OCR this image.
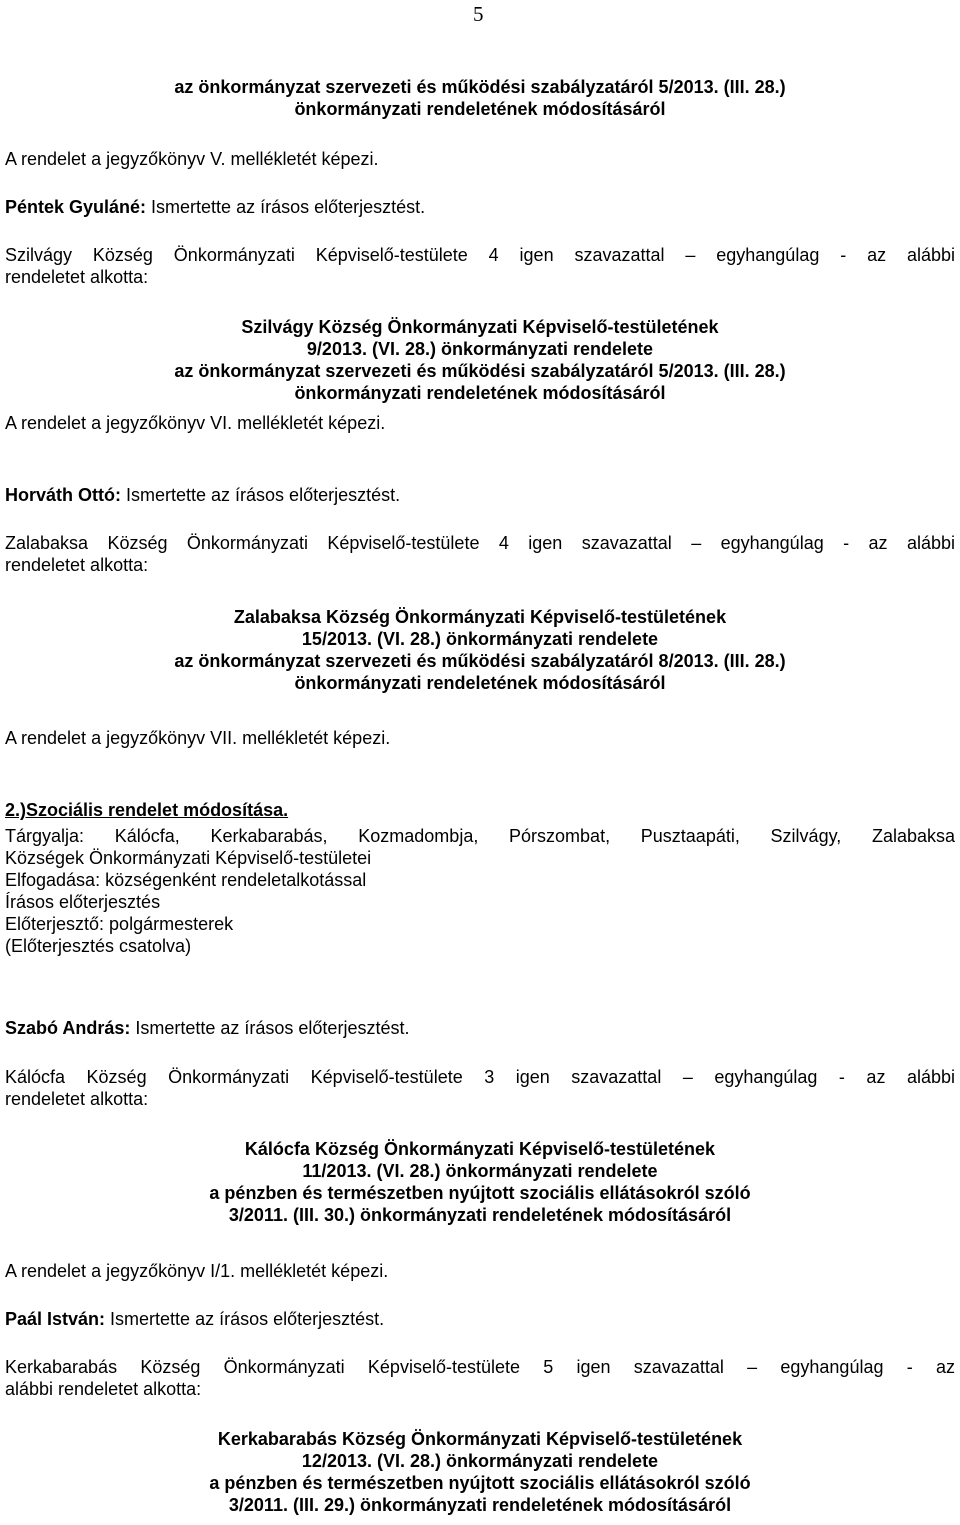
5

az önkormányzat szervezeti és működési szabályzatáról 5/2013. (III. 28.)

önkormányzati rendeletének módosításáról

A rendelet a jegyzőkönyv V. mellékletét képezi.

Péntek Gyuláné: Ismertette az írásos előterjesztést.

Szilvágy Község Önkormányzati Képviselő-testülete 4 igen szavazattal – egyhangúlag - az alábbi

rendeletet alkotta:

Szilvágy Község Önkormányzati Képviselő-testületének

9/2013. (VI. 28.) önkormányzati rendelete

az önkormányzat szervezeti és működési szabályzatáról 5/2013. (III. 28.)

önkormányzati rendeletének módosításáról

A rendelet a jegyzőkönyv VI. mellékletét képezi.

Horváth Ottó: Ismertette az írásos előterjesztést.

Zalabaksa Község Önkormányzati Képviselő-testülete 4 igen szavazattal – egyhangúlag - az alábbi

rendeletet alkotta:

Zalabaksa Község Önkormányzati Képviselő-testületének

15/2013. (VI. 28.) önkormányzati rendelete

az önkormányzat szervezeti és működési szabályzatáról 8/2013. (III. 28.)

önkormányzati rendeletének módosításáról

A rendelet a jegyzőkönyv VII. mellékletét képezi.

2.)Szociális rendelet módosítása.

Tárgyalja: Kálócfa, Kerkabarabás, Kozmadombja, Pórszombat, Pusztaapáti, Szilvágy, Zalabaksa

Községek Önkormányzati Képviselő-testületei

Elfogadása: községenként rendeletalkotással

Írásos előterjesztés

Előterjesztő: polgármesterek

(Előterjesztés csatolva)

Szabó András: Ismertette az írásos előterjesztést.

Kálócfa Község Önkormányzati Képviselő-testülete 3 igen szavazattal – egyhangúlag - az alábbi

rendeletet alkotta:

Kálócfa Község Önkormányzati Képviselő-testületének

11/2013. (VI. 28.) önkormányzati rendelete

a pénzben és természetben nyújtott szociális ellátásokról szóló

3/2011. (III. 30.) önkormányzati rendeletének módosításáról

A rendelet a jegyzőkönyv I/1. mellékletét képezi.

Paál István: Ismertette az írásos előterjesztést.

Kerkabarabás Község Önkormányzati Képviselő-testülete 5 igen szavazattal – egyhangúlag - az

alábbi rendeletet alkotta:

Kerkabarabás Község Önkormányzati Képviselő-testületének

12/2013. (VI. 28.) önkormányzati rendelete

a pénzben és természetben nyújtott szociális ellátásokról szóló

3/2011. (III. 29.) önkormányzati rendeletének módosításáról
